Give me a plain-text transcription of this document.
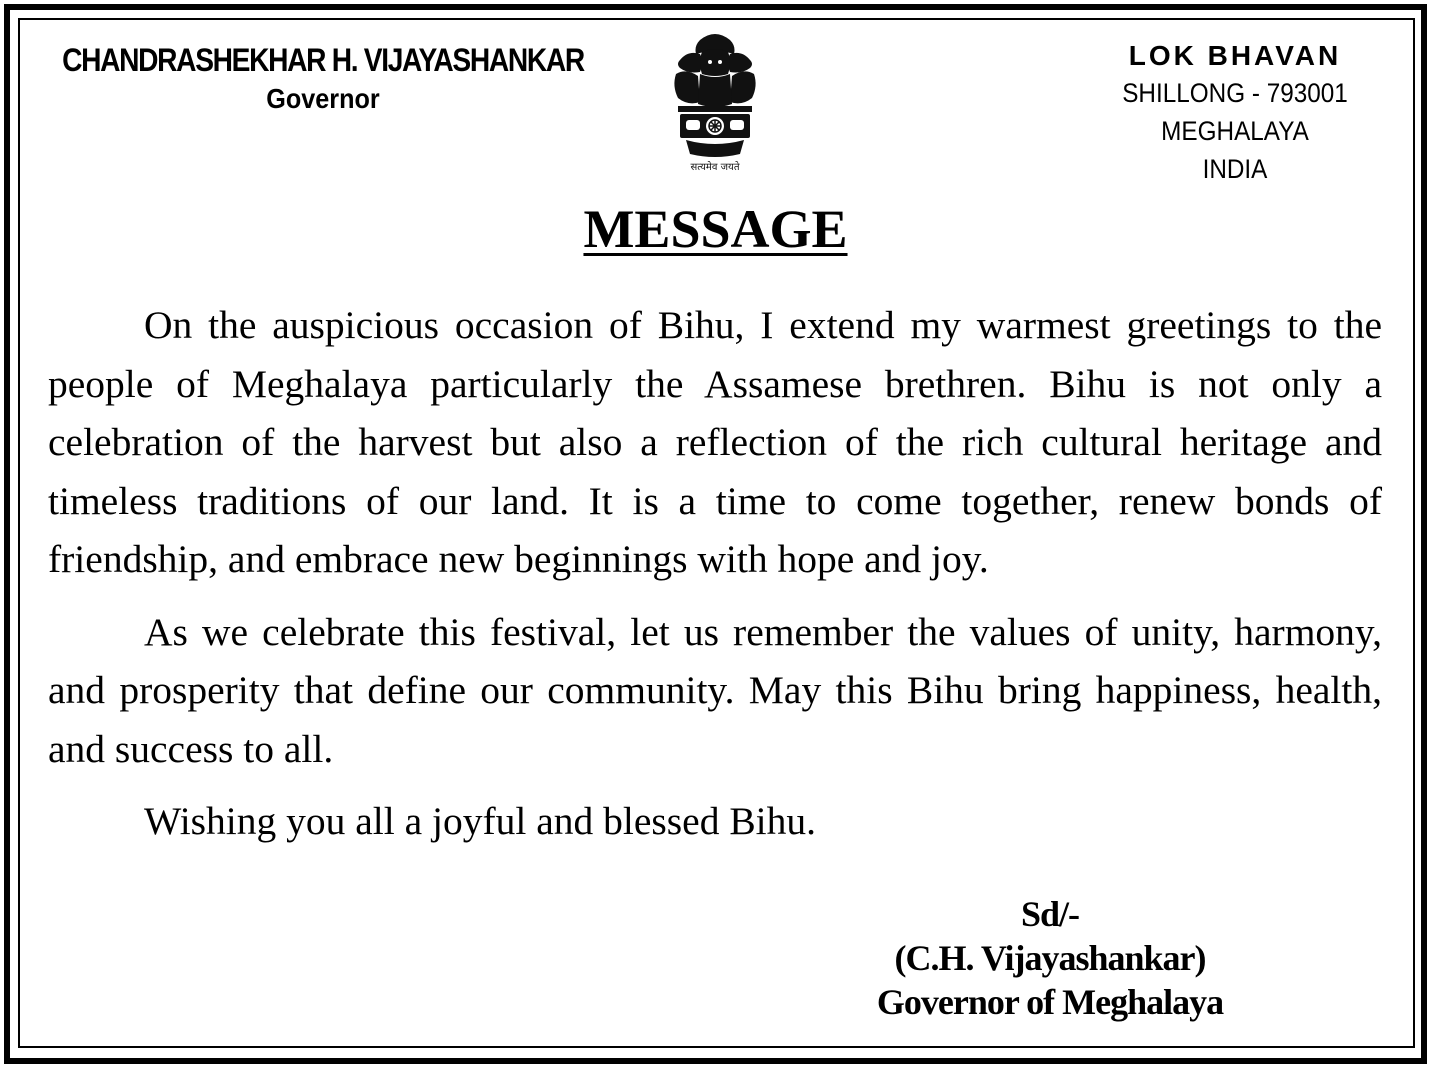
CHANDRASHEKHAR H. VIJAYASHANKAR
Governor
सत्यमेव जयते
LOK BHAVAN
SHILLONG - 793001
MEGHALAYA
INDIA
MESSAGE

On the auspicious occasion of Bihu, I extend my warmest greetings to the people of Meghalaya particularly the Assamese brethren. Bihu is not only a celebration of the harvest but also a reflection of the rich cultural heritage and timeless traditions of our land. It is a time to come together, renew bonds of friendship, and embrace new beginnings with hope and joy.

As we celebrate this festival, let us remember the values of unity, harmony, and prosperity that define our community. May this Bihu bring happiness, health, and success to all.

Wishing you all a joyful and blessed Bihu.

Sd/-
(C.H. Vijayashankar)
Governor of Meghalaya
